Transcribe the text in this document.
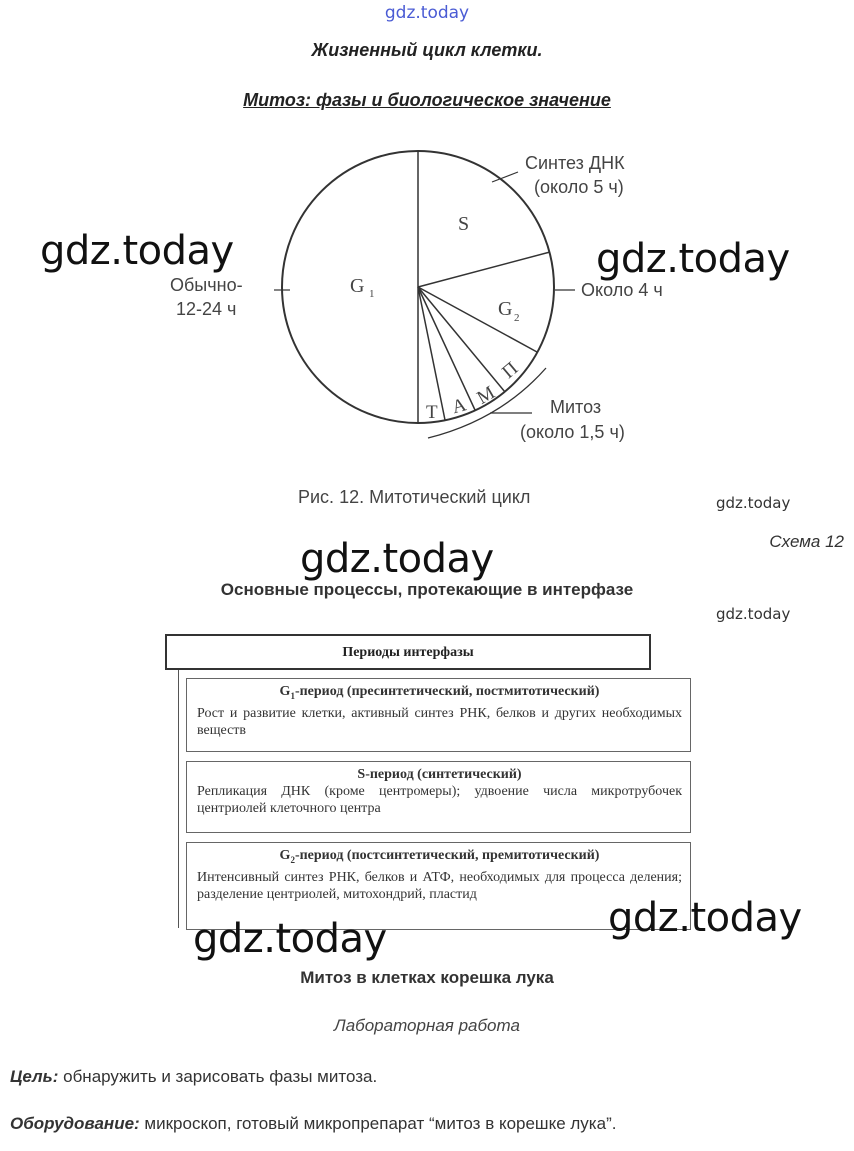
gdz.today
Жизненный цикл клетки.
Митоз: фазы и биологическое значение
S
G 1
G 2
Т А М
П
Синтез ДНК
(около 5 ч)
Обычно-
12-24 ч
Около 4 ч
Митоз
(около 1,5 ч)
Рис. 12. Митотический цикл
gdz.today	gdz.today
gdz.today
gdz.today
gdz.today
Схема 12
Основные процессы, протекающие в интерфазе
Периоды интерфазы
$G_1$-период (пресинтетический, постмитотический)
Рост и развитие клетки, активный синтез РНК, белков и других необходимых веществ
S-период (синтетический)
Репликация ДНК (кроме центромеры); удвоение числа микротрубочек центриолей клеточного центра
$G_2$-период (постсинтетический, премитотический)
Интенсивный синтез РНК, белков и АТФ, необходимых для процесса деления; разделение центриолей, митохондрий, пластид
gdz.today	gdz.today
Митоз в клетках корешка лука
Лабораторная работа
Цель: обнаружить и зарисовать фазы митоза.
Оборудование: микроскоп, готовый микропрепарат “митоз в корешке лука”.
